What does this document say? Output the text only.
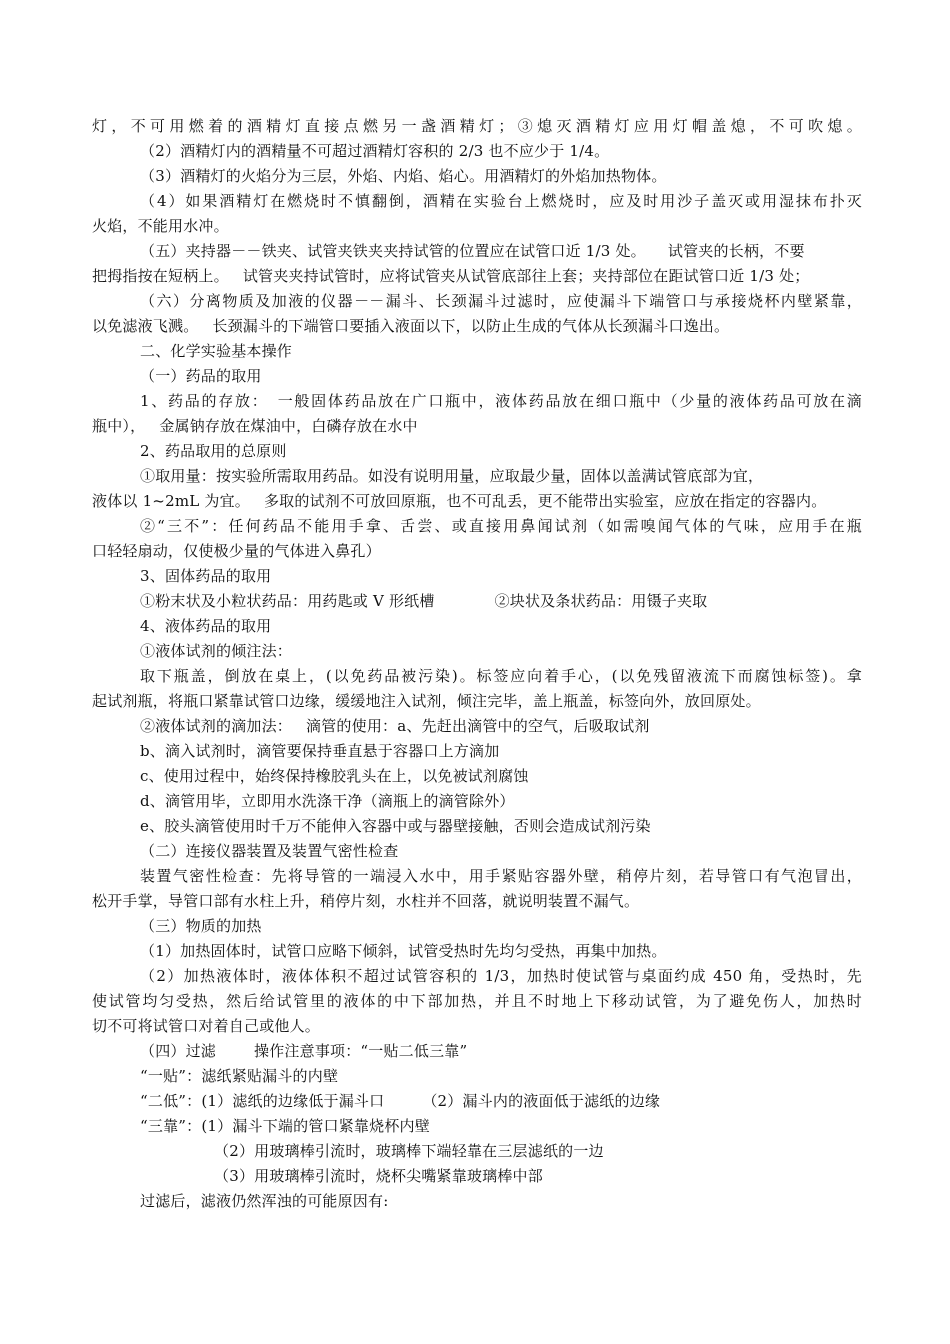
灯，不可用燃着的酒精灯直接点燃另一盏酒精灯；③熄灭酒精灯应用灯帽盖熄，不可吹熄。
（2）酒精灯内的酒精量不可超过酒精灯容积的 2/3 也不应少于 1/4。
（3）酒精灯的火焰分为三层，外焰、内焰、焰心。用酒精灯的外焰加热物体。
（4）如果酒精灯在燃烧时不慎翻倒，酒精在实验台上燃烧时，应及时用沙子盖灭或用湿抹布扑灭
火焰，不能用水冲。
（五）夹持器－－铁夹、试管夹铁夹夹持试管的位置应在试管口近 1/3 处。 试管夹的长柄，不要
把拇指按在短柄上。 试管夹夹持试管时，应将试管夹从试管底部往上套；夹持部位在距试管口近 1/3 处；
（六）分离物质及加液的仪器－－漏斗、长颈漏斗过滤时，应使漏斗下端管口与承接烧杯内壁紧靠，
以免滤液飞溅。 长颈漏斗的下端管口要插入液面以下，以防止生成的气体从长颈漏斗口逸出。
二、化学实验基本操作
（一）药品的取用
1、药品的存放：　一般固体药品放在广口瓶中，液体药品放在细口瓶中（少量的液体药品可放在滴
瓶中）， 金属钠存放在煤油中，白磷存放在水中
2、药品取用的总原则
①取用量：按实验所需取用药品。如没有说明用量，应取最少量，固体以盖满试管底部为宜，
液体以 1~2mL 为宜。 多取的试剂不可放回原瓶，也不可乱丢，更不能带出实验室，应放在指定的容器内。
②“三不”：任何药品不能用手拿、舌尝、或直接用鼻闻试剂（如需嗅闻气体的气味，应用手在瓶
口轻轻扇动，仅使极少量的气体进入鼻孔）
3、固体药品的取用
①粉末状及小粒状药品：用药匙或 V 形纸槽	②块状及条状药品：用镊子夹取
4、液体药品的取用
①液体试剂的倾注法：
取下瓶盖，倒放在桌上，(以免药品被污染)。标签应向着手心，(以免残留液流下而腐蚀标签)。拿
起试剂瓶，将瓶口紧靠试管口边缘，缓缓地注入试剂，倾注完毕，盖上瓶盖，标签向外，放回原处。
②液体试剂的滴加法： 滴管的使用：a、先赶出滴管中的空气，后吸取试剂
b、滴入试剂时，滴管要保持垂直悬于容器口上方滴加
c、使用过程中，始终保持橡胶乳头在上，以免被试剂腐蚀
d、滴管用毕，立即用水洗涤干净（滴瓶上的滴管除外）
e、胶头滴管使用时千万不能伸入容器中或与器壁接触，否则会造成试剂污染
（二）连接仪器装置及装置气密性检查
装置气密性检查：先将导管的一端浸入水中，用手紧贴容器外壁，稍停片刻，若导管口有气泡冒出，
松开手掌，导管口部有水柱上升，稍停片刻，水柱并不回落，就说明装置不漏气。
（三）物质的加热
（1）加热固体时，试管口应略下倾斜，试管受热时先均匀受热，再集中加热。
（2）加热液体时，液体体积不超过试管容积的 1/3，加热时使试管与桌面约成 450 角，受热时，先
使试管均匀受热，然后给试管里的液体的中下部加热，并且不时地上下移动试管，为了避免伤人，加热时
切不可将试管口对着自己或他人。
（四）过滤	操作注意事项：“一贴二低三靠”
“一贴”：滤纸紧贴漏斗的内壁
“二低”：(1）滤纸的边缘低于漏斗口	（2）漏斗内的液面低于滤纸的边缘
“三靠”：(1）漏斗下端的管口紧靠烧杯内壁
（2）用玻璃棒引流时，玻璃棒下端轻靠在三层滤纸的一边
（3）用玻璃棒引流时，烧杯尖嘴紧靠玻璃棒中部
过滤后，滤液仍然浑浊的可能原因有:
